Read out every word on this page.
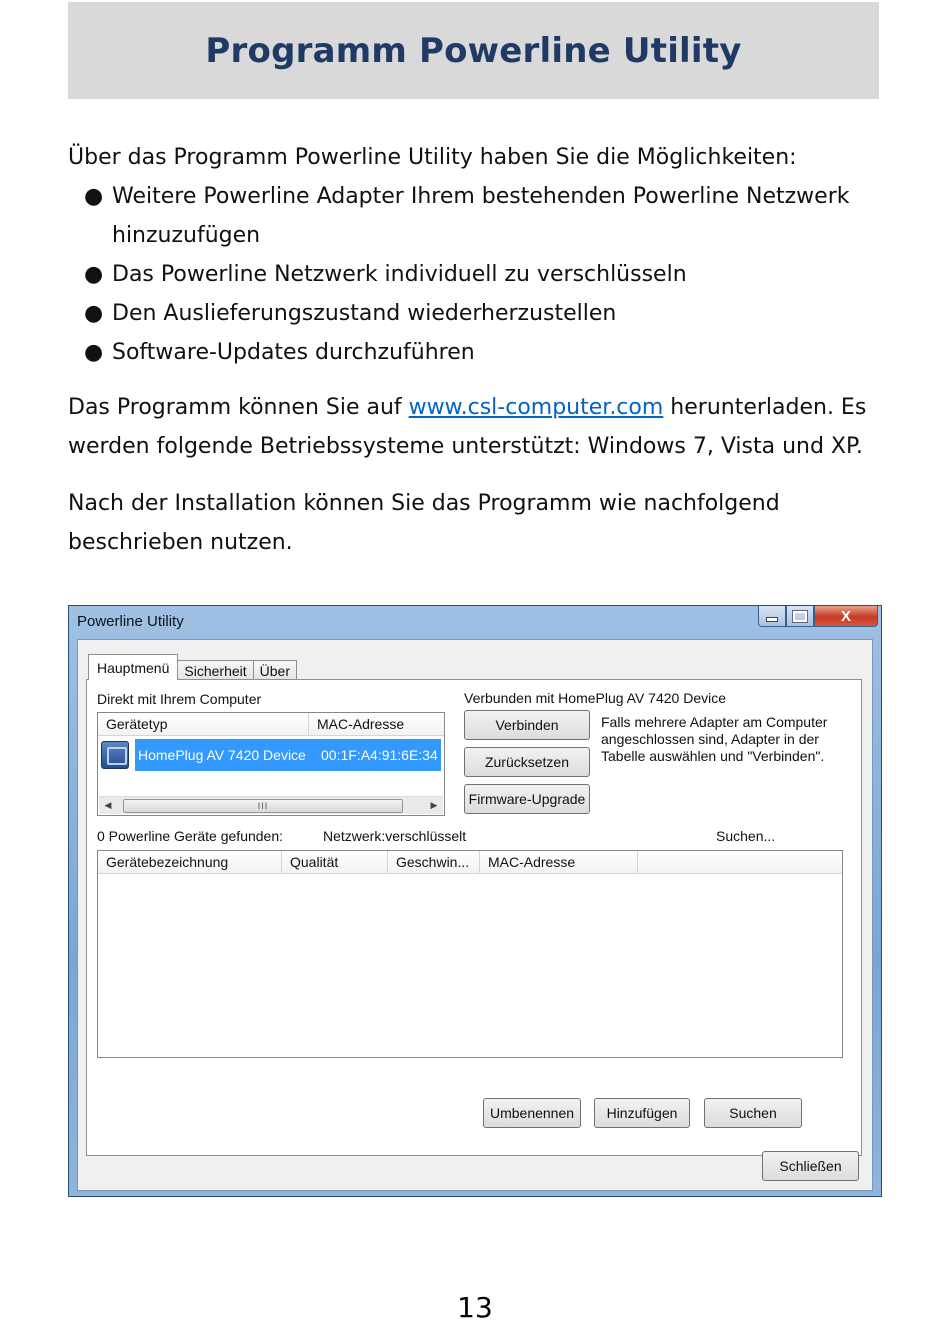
Programm Powerline Utility

Über das Programm Powerline Utility haben Sie die Möglichkeiten:

● Weitere Powerline Adapter Ihrem bestehenden Powerline Netzwerk hinzuzufügen
● Das Powerline Netzwerk individuell zu verschlüsseln
● Den Auslieferungszustand wiederherzustellen
● Software-Updates durchzuführen

Das Programm können Sie auf www.csl-computer.com herunterladen. Es werden folgende Betriebssysteme unterstützt: Windows 7, Vista und XP.

Nach der Installation können Sie das Programm wie nachfolgend beschrieben nutzen.

Powerline Utility	X
Hauptmenü	Sicherheit Über
Direkt mit Ihrem Computer
Gerätetyp	MAC-Adresse
HomePlug AV 7420 Device	00:1F:A4:91:6E:34
◀	III	▶
Verbunden mit HomePlug AV 7420 Device
Verbinden
Zurücksetzen
Firmware-Upgrade
Falls mehrere Adapter am Computer angeschlossen sind, Adapter in der Tabelle auswählen und "Verbinden".
0 Powerline Geräte gefunden:	Netzwerk:verschlüsselt	Suchen...
Gerätebezeichnung	Qualität	Geschwin...	MAC-Adresse
Umbenennen	Hinzufügen	Suchen
Schließen
13
